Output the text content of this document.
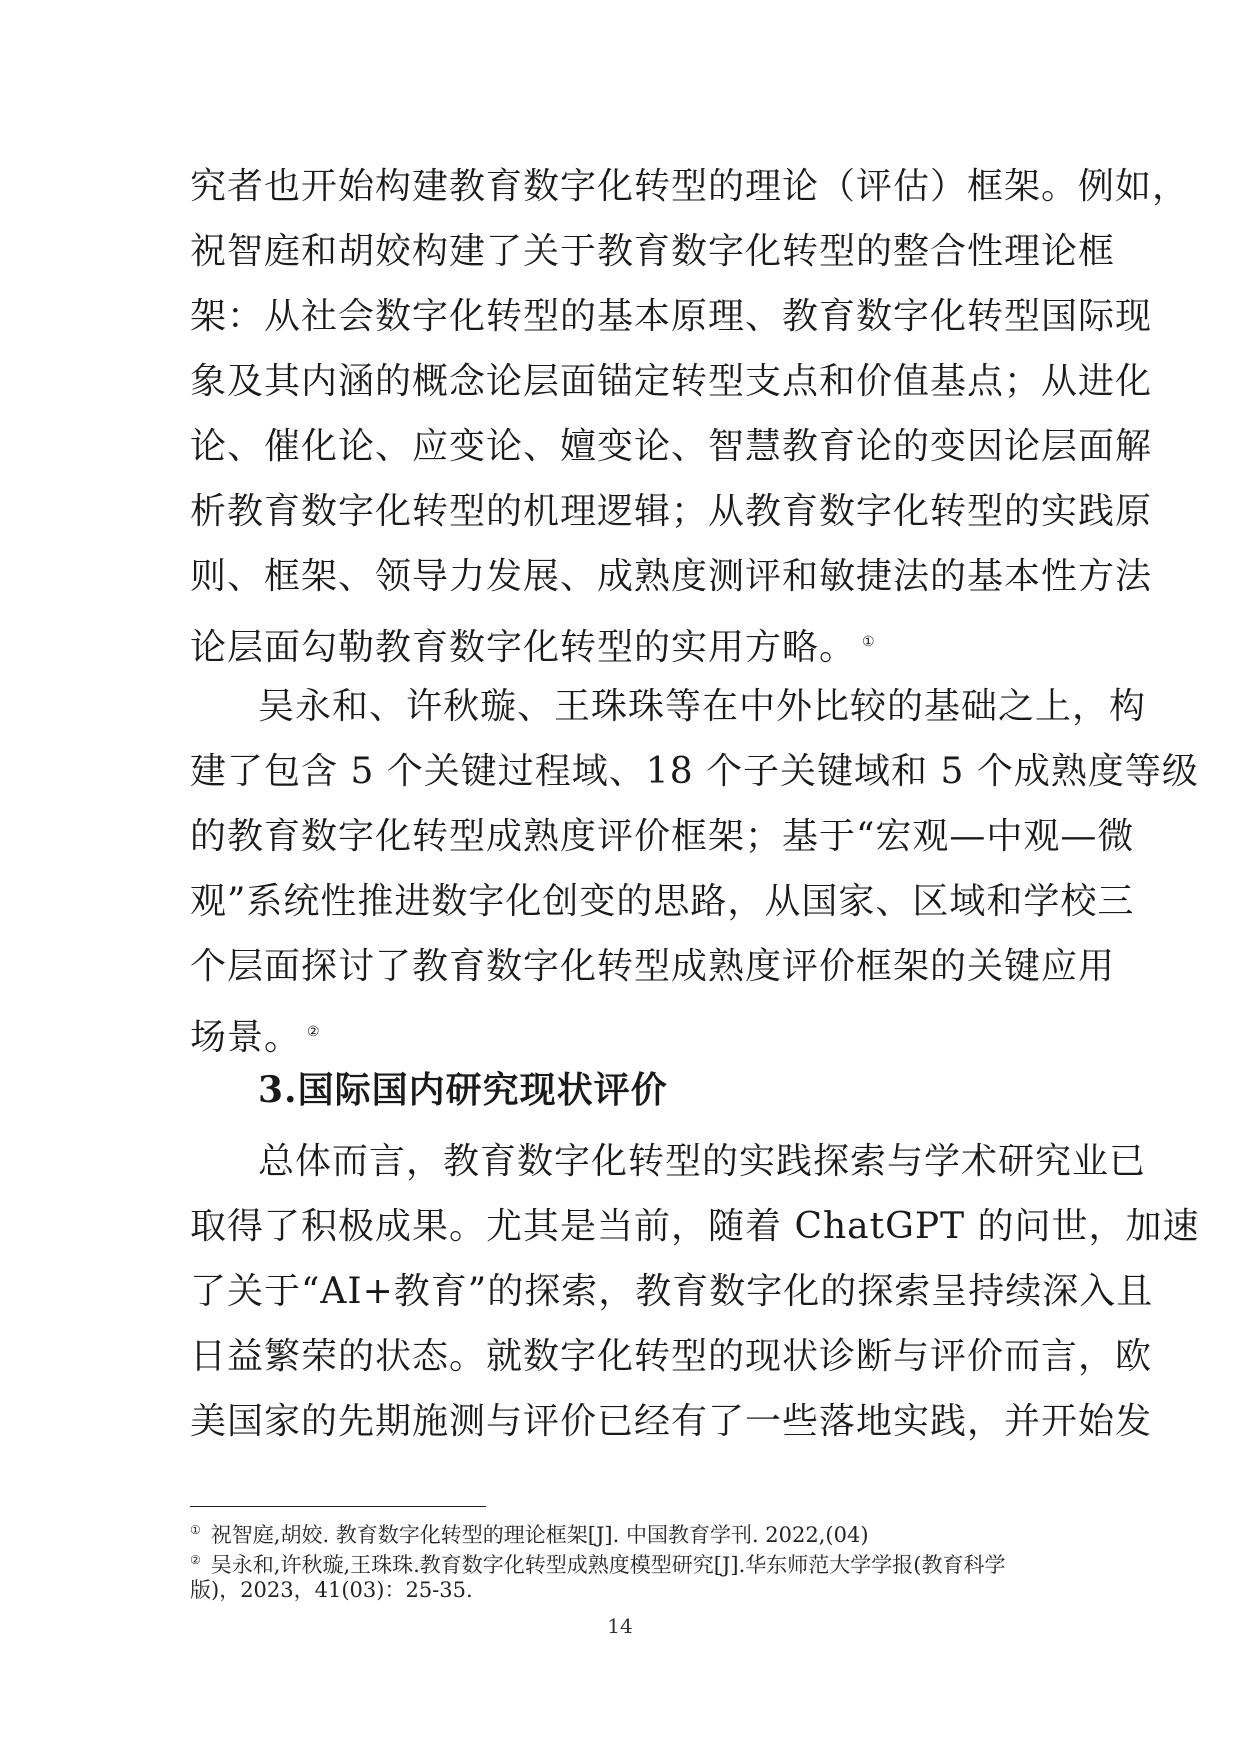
究者也开始构建教育数字化转型的理论（评估）框架。例如，
祝智庭和胡姣构建了关于教育数字化转型的整合性理论框
架：从社会数字化转型的基本原理、教育数字化转型国际现
象及其内涵的概念论层面锚定转型支点和价值基点；从进化
论、催化论、应变论、嬗变论、智慧教育论的变因论层面解
析教育数字化转型的机理逻辑；从教育数字化转型的实践原
则、框架、领导力发展、成熟度测评和敏捷法的基本性方法
论层面勾勒教育数字化转型的实用方略。 ①
吴永和、许秋璇、王珠珠等在中外比较的基础之上，构
建了包含 5 个关键过程域、18 个子关键域和 5 个成熟度等级
的教育数字化转型成熟度评价框架；基于“宏观—中观—微
观”系统性推进数字化创变的思路，从国家、区域和学校三
个层面探讨了教育数字化转型成熟度评价框架的关键应用
场景。 ②
3.国际国内研究现状评价
总体而言，教育数字化转型的实践探索与学术研究业已
取得了积极成果。尤其是当前，随着 ChatGPT 的问世，加速
了关于“AI+教育”的探索，教育数字化的探索呈持续深入且
日益繁荣的状态。就数字化转型的现状诊断与评价而言，欧
美国家的先期施测与评价已经有了一些落地实践，并开始发
① 祝智庭,胡姣. 教育数字化转型的理论框架[J]. 中国教育学刊. 2022,(04)
② 吴永和,许秋璇,王珠珠.教育数字化转型成熟度模型研究[J].华东师范大学学报(教育科学
版)，2023，41(03)：25-35.
14
